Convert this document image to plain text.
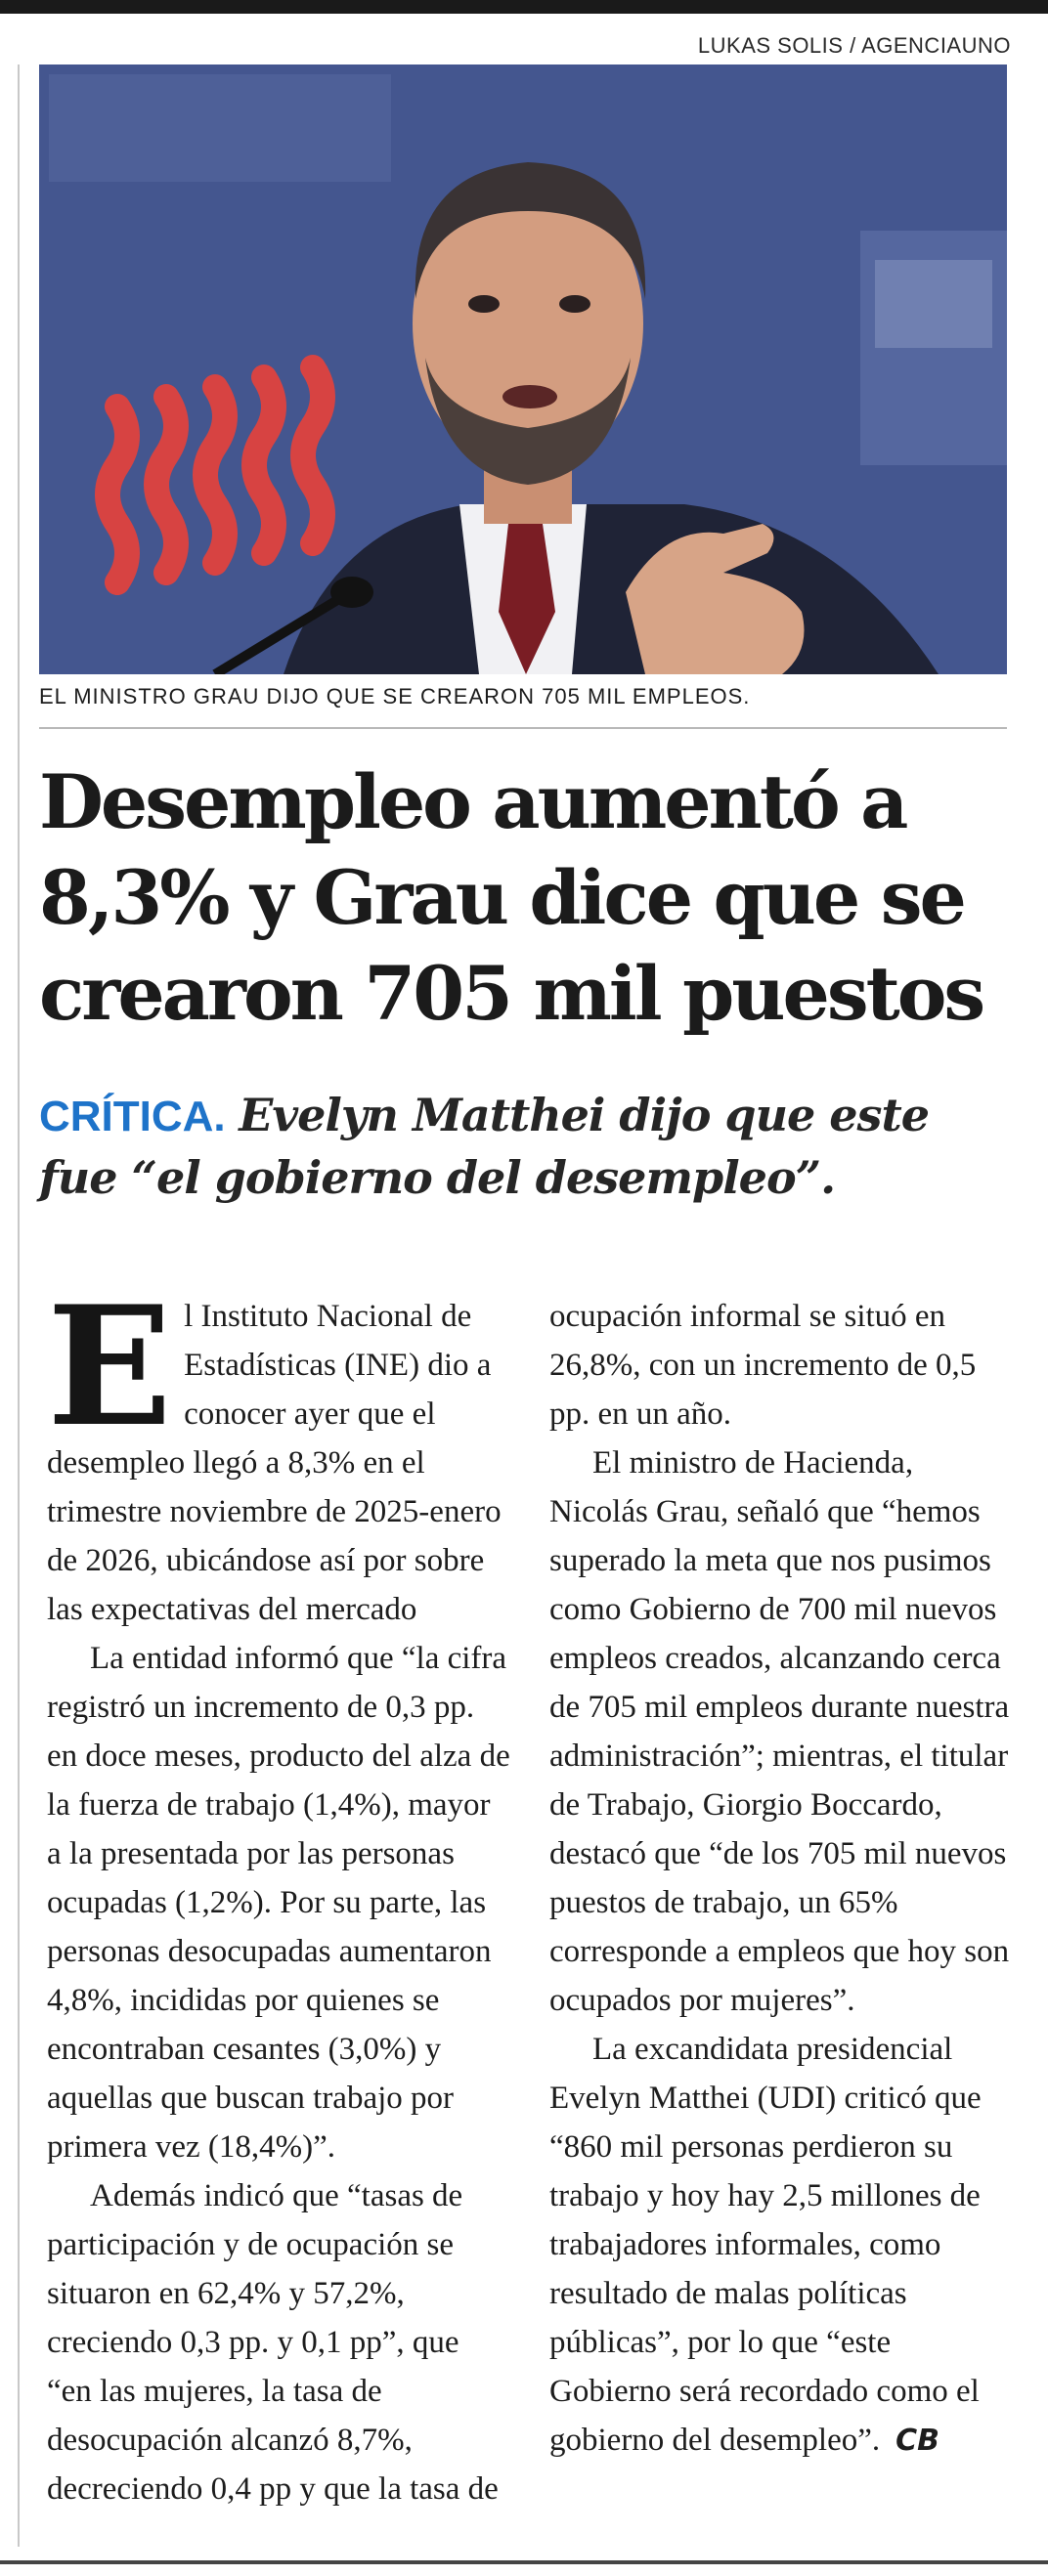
LUKAS SOLIS / AGENCIAUNO
EL MINISTRO GRAU DIJO QUE SE CREARON 705 MIL EMPLEOS.
Desempleo aumentó a
8,3% y Grau dice que se
crearon 705 mil puestos
CRÍTICA. Evelyn Matthei dijo que este fue “el gobierno del desempleo”.

El Instituto Nacional de Estadísticas (INE) dio a conocer ayer que el desempleo llegó a 8,3% en el trimestre noviembre de 2025-enero de 2026, ubicándose así por sobre las expectativas del mercado

La entidad informó que “la cifra registró un incremento de 0,3 pp. en doce meses, producto del alza de la fuerza de trabajo (1,4%), mayor a la presentada por las personas ocupadas (1,2%). Por su parte, las personas desocupadas aumentaron 4,8%, incididas por quienes se encontraban cesantes (3,0%) y aquellas que buscan trabajo por primera vez (18,4%)”.

Además indicó que “tasas de participación y de ocupación se situaron en 62,4% y 57,2%, creciendo 0,3 pp. y 0,1 pp”, que “en las mujeres, la tasa de desocupación alcanzó 8,7%, decreciendo 0,4 pp y que la tasa de

ocupación informal se situó en 26,8%, con un incremento de 0,5 pp. en un año.

El ministro de Hacienda, Nicolás Grau, señaló que “hemos superado la meta que nos pusimos como Gobierno de 700 mil nuevos empleos creados, alcanzando cerca de 705 mil empleos durante nuestra administración”; mientras, el titular de Trabajo, Giorgio Boccardo, destacó que “de los 705 mil nuevos puestos de trabajo, un 65% corresponde a empleos que hoy son ocupados por mujeres”.

La excandidata presidencial Evelyn Matthei (UDI) criticó que “860 mil personas perdieron su trabajo y hoy hay 2,5 millones de trabajadores informales, como resultado de malas políticas públicas”, por lo que “este Gobierno será recordado como el gobierno del desempleo”. CB
